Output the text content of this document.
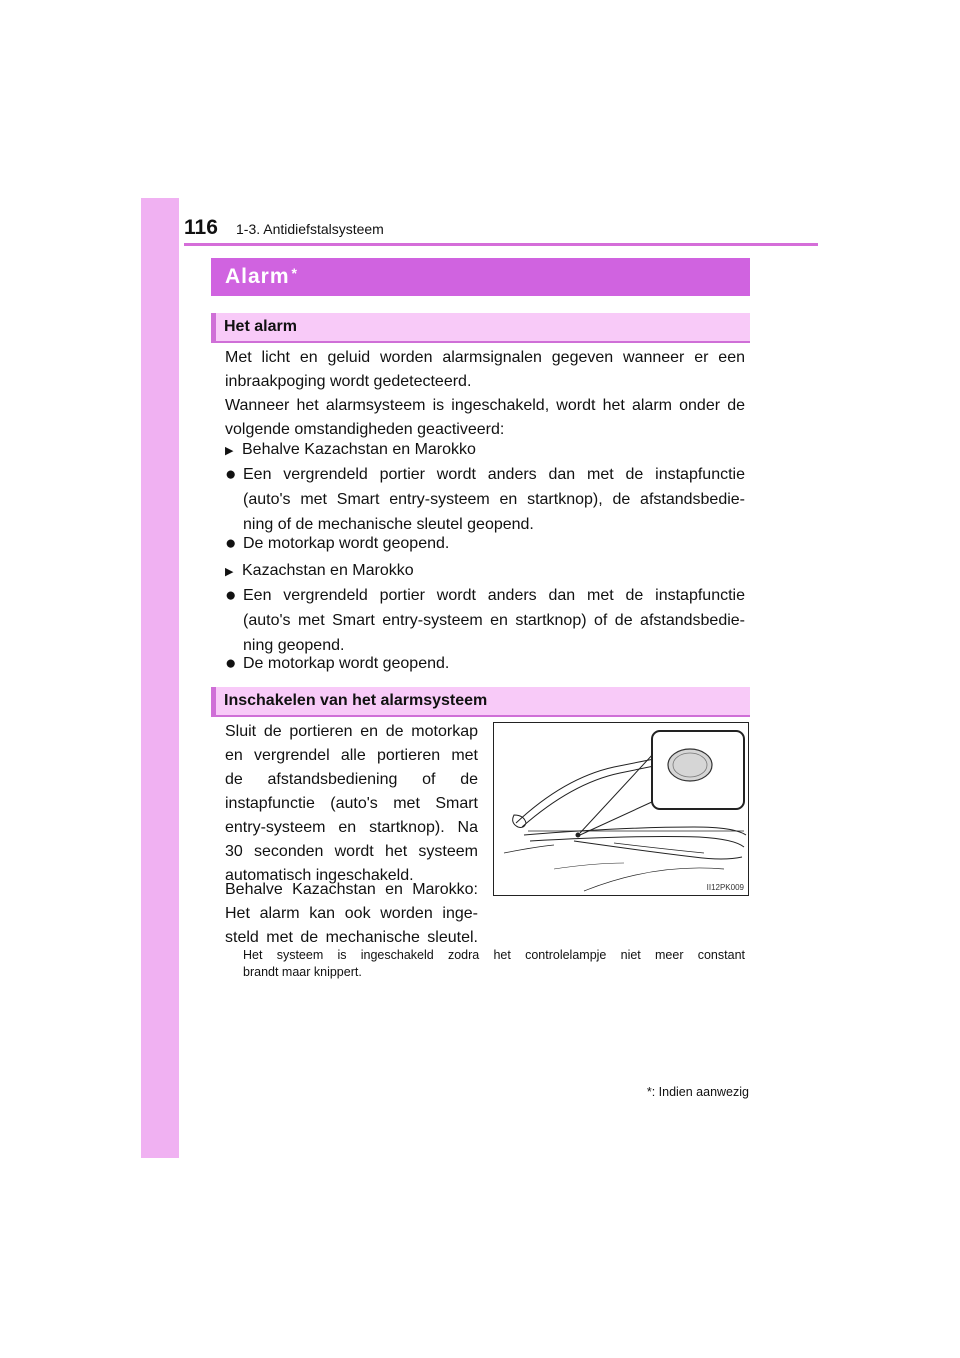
116 1-3. Antidiefstalsysteem
Alarm *
Het alarm
Met licht en geluid worden alarmsignalen gegeven wanneer er een
inbraakpoging wordt gedetecteerd.
Wanneer het alarmsysteem is ingeschakeld, wordt het alarm onder de
volgende omstandigheden geactiveerd:
▶ Behalve Kazachstan en Marokko
● Een vergrendeld portier wordt anders dan met de instapfunctie
(auto's met Smart entry-systeem en startknop), de afstandsbedie-
ning of de mechanische sleutel geopend.
● De motorkap wordt geopend.
▶ Kazachstan en Marokko
● Een vergrendeld portier wordt anders dan met de instapfunctie
(auto's met Smart entry-systeem en startknop) of de afstandsbedie-
ning geopend.
● De motorkap wordt geopend.
Inschakelen van het alarmsysteem
Sluit de portieren en de motorkap
en vergrendel alle portieren met
de afstandsbediening of de
instapfunctie (auto's met Smart
entry-systeem en startknop). Na
30 seconden wordt het systeem
automatisch ingeschakeld.
Behalve Kazachstan en Marokko:
Het alarm kan ook worden inge-
steld met de mechanische sleutel.
II12PK009
Het systeem is ingeschakeld zodra het controlelampje niet meer constant
brandt maar knippert.
*: Indien aanwezig
